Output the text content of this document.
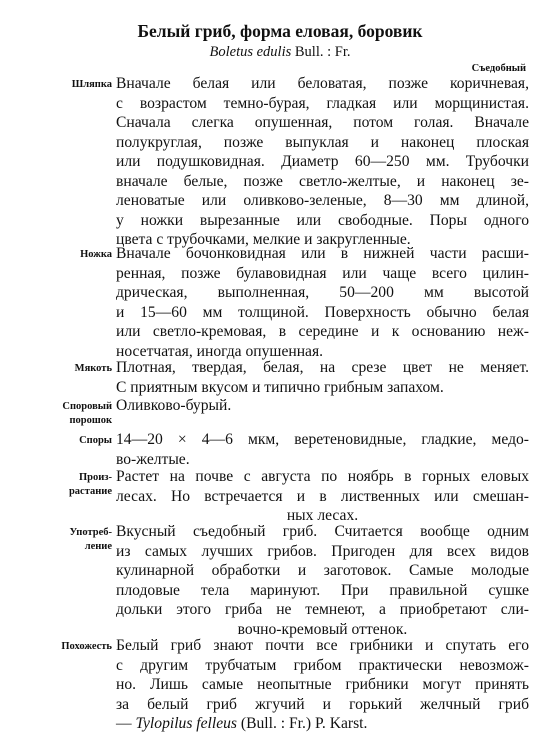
Белый гриб, форма еловая, боровик
Boletus edulis Bull. : Fr.
Съедобный
Шляпка Вначале белая или беловатая, позже коричневая,
с возрастом темно-бурая, гладкая или морщинистая.
Сначала слегка опушенная, потом голая. Вначале
полукруглая, позже выпуклая и наконец плоская
или подушковидная. Диаметр 60—250 мм. Трубочки
вначале белые, позже светло-желтые, и наконец зе-
леноватые или оливково-зеленые, 8—30 мм длиной,
у ножки вырезанные или свободные. Поры одного
цвета с трубочками, мелкие и закругленные.
Ножка Вначале бочонковидная или в нижней части расши-
ренная, позже булавовидная или чаще всего цилин-
дрическая, выполненная, 50—200 мм высотой
и 15—60 мм толщиной. Поверхность обычно белая
или светло-кремовая, в середине и к основанию неж-
носетчатая, иногда опушенная.
Мякоть Плотная, твердая, белая, на срезе цвет не меняет.
С приятным вкусом и типично грибным запахом.
Споровый
порошок
Оливково-бурый.
Споры 14—20 × 4—6 мкм, веретеновидные, гладкие, медо-
во-желтые.
Произ-
растание
Растет на почве с августа по ноябрь в горных еловых
лесах. Но встречается и в лиственных или смешан-
ных лесах.
Употреб-
ление
Вкусный съедобный гриб. Считается вообще одним
из самых лучших грибов. Пригоден для всех видов
кулинарной обработки и заготовок. Самые молодые
плодовые тела маринуют. При правильной сушке
дольки этого гриба не темнеют, а приобретают сли-
вочно-кремовый оттенок.
Похожесть Белый гриб знают почти все грибники и спутать его
с другим трубчатым грибом практически невозмож-
но. Лишь самые неопытные грибники могут принять
за белый гриб жгучий и горький желчный гриб
— Tylopilus felleus (Bull. : Fr.) P. Karst.
